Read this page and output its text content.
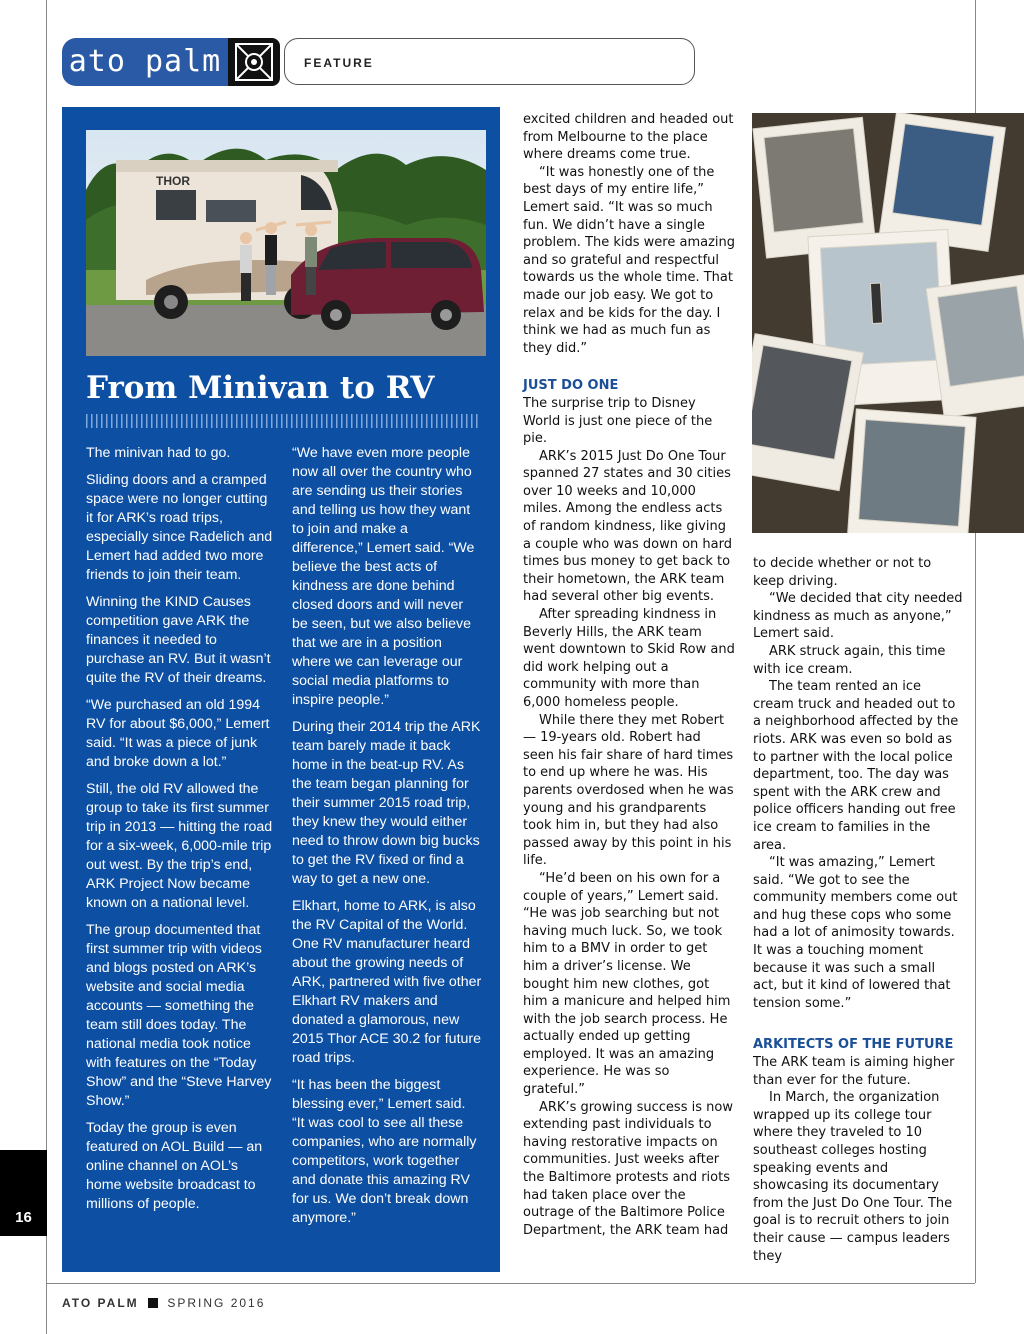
ato palm	FEATURE
THOR
From Minivan to RV

The minivan had to go.

Sliding doors and a cramped space were no longer cutting it for ARK’s road trips, especially since Radelich and Lemert had added two more friends to join their team.

Winning the KIND Causes competition gave ARK the finances it needed to purchase an RV. But it wasn’t quite the RV of their dreams.

“We purchased an old 1994 RV for about $6,000,” Lemert said. “It was a piece of junk and broke down a lot.”

Still, the old RV allowed the group to take its first summer trip in 2013 — hitting the road for a six-week, 6,000-mile trip out west. By the trip’s end, ARK Project Now became known on a national level.

The group documented that first summer trip with videos and blogs posted on ARK’s website and social media accounts — something the team still does today. The national media took notice with features on the “Today Show” and the “Steve Harvey Show.”

Today the group is even featured on AOL Build — an online channel on AOL’s home website broadcast to millions of people.

“We have even more people now all over the country who are sending us their stories and telling us how they want to join and make a difference,” Lemert said. “We believe the best acts of kindness are done behind closed doors and will never be seen, but we also believe that we are in a position where we can leverage our social media platforms to inspire people.”

During their 2014 trip the ARK team barely made it back home in the beat-up RV. As the team began planning for their summer 2015 road trip, they knew they would either need to throw down big bucks to get the RV fixed or find a way to get a new one.

Elkhart, home to ARK, is also the RV Capital of the World. One RV manufacturer heard about the growing needs of ARK, partnered with five other Elkhart RV makers and donated a glamorous, new 2015 Thor ACE 30.2 for future road trips.

“It has been the biggest blessing ever,” Lemert said. “It was cool to see all these companies, who are normally competitors, work together and donate this amazing RV for us. We don’t break down anymore.”

excited children and headed out from Melbourne to the place where dreams come true.

“It was honestly one of the best days of my entire life,” Lemert said. “It was so much fun. We didn’t have a single problem. The kids were amazing and so grateful and respectful towards us the whole time. That made our job easy. We got to relax and be kids for the day. I think we had as much fun as they did.”

JUST DO ONE

The surprise trip to Disney World is just one piece of the pie.

ARK’s 2015 Just Do One Tour spanned 27 states and 30 cities over 10 weeks and 10,000 miles. Among the endless acts of random kindness, like giving a couple who was down on hard times bus money to get back to their hometown, the ARK team had several other big events.

After spreading kindness in Beverly Hills, the ARK team went downtown to Skid Row and did work helping out a community with more than 6,000 homeless people.

While there they met Robert — 19-years old. Robert had seen his fair share of hard times to end up where he was. His parents overdosed when he was young and his grandparents took him in, but they had also passed away by this point in his life.

“He’d been on his own for a couple of years,” Lemert said. “He was job searching but not having much luck. So, we took him to a BMV in order to get him a driver’s license. We bought him new clothes, got him a manicure and helped him with the job search process. He actually ended up getting employed. It was an amazing experience. He was so grateful.”

ARK’s growing success is now extending past individuals to having restorative impacts on communities. Just weeks after the Baltimore protests and riots had taken place over the outrage of the Baltimore Police Department, the ARK team had

to decide whether or not to keep driving.

“We decided that city needed kindness as much as anyone,” Lemert said.

ARK struck again, this time with ice cream.

The team rented an ice cream truck and headed out to a neighborhood affected by the riots. ARK was even so bold as to partner with the local police department, too. The day was spent with the ARK crew and police officers handing out free ice cream to families in the area.

“It was amazing,” Lemert said. “We got to see the community members come out and hug these cops who some had a lot of animosity towards.

It was a touching moment because it was such a small act, but it kind of lowered that tension some.”

ARKITECTS OF THE FUTURE

The ARK team is aiming higher than ever for the future.

In March, the organization wrapped up its college tour where they traveled to 10 southeast colleges hosting speaking events and showcasing its documentary from the Just Do One Tour. The goal is to recruit others to join their cause — campus leaders they

16
ATO PALM SPRING 2016
